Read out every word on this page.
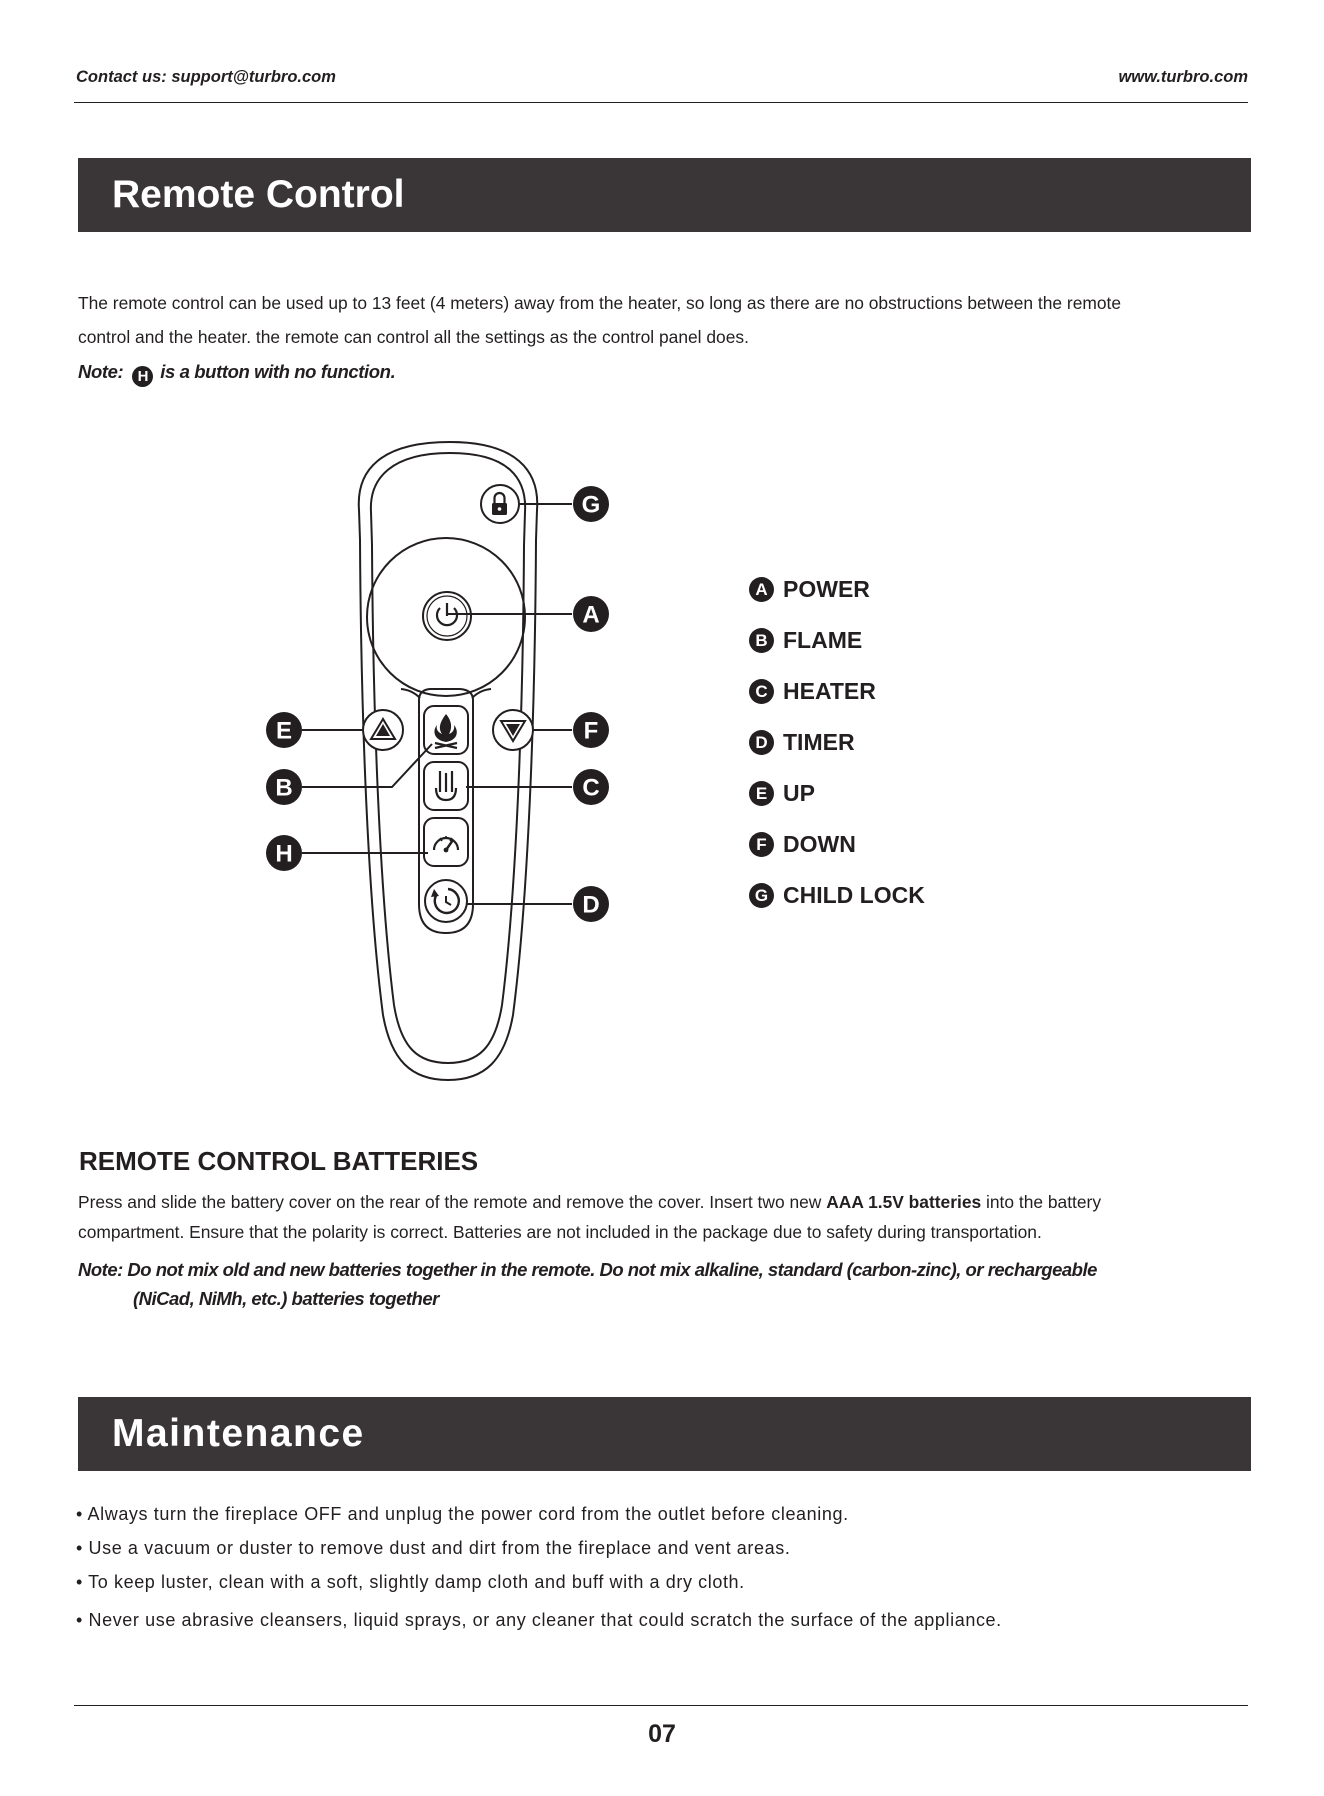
Contact us: support@turbro.com	www.turbro.com
Remote Control
The remote control can be used up to 13 feet (4 meters) away from the heater, so long as there are no obstructions between the remote
control and the heater. the remote can control all the settings as the control panel does.
Note: H is a button with no function.
G
A
E	F
B	C
H
D
A POWER
B FLAME
C HEATER
D TIMER
E UP
F DOWN
G CHILD LOCK
REMOTE CONTROL BATTERIES
Press and slide the battery cover on the rear of the remote and remove the cover. Insert two new AAA 1.5V batteries into the battery
compartment. Ensure that the polarity is correct. Batteries are not included in the package due to safety during transportation.
Note: Do not mix old and new batteries together in the remote. Do not mix alkaline, standard (carbon-zinc), or rechargeable
(NiCad, NiMh, etc.) batteries together
Maintenance
• Always turn the fireplace OFF and unplug the power cord from the outlet before cleaning.
• Use a vacuum or duster to remove dust and dirt from the fireplace and vent areas.
• To keep luster, clean with a soft, slightly damp cloth and buff with a dry cloth.
• Never use abrasive cleansers, liquid sprays, or any cleaner that could scratch the surface of the appliance.
07
